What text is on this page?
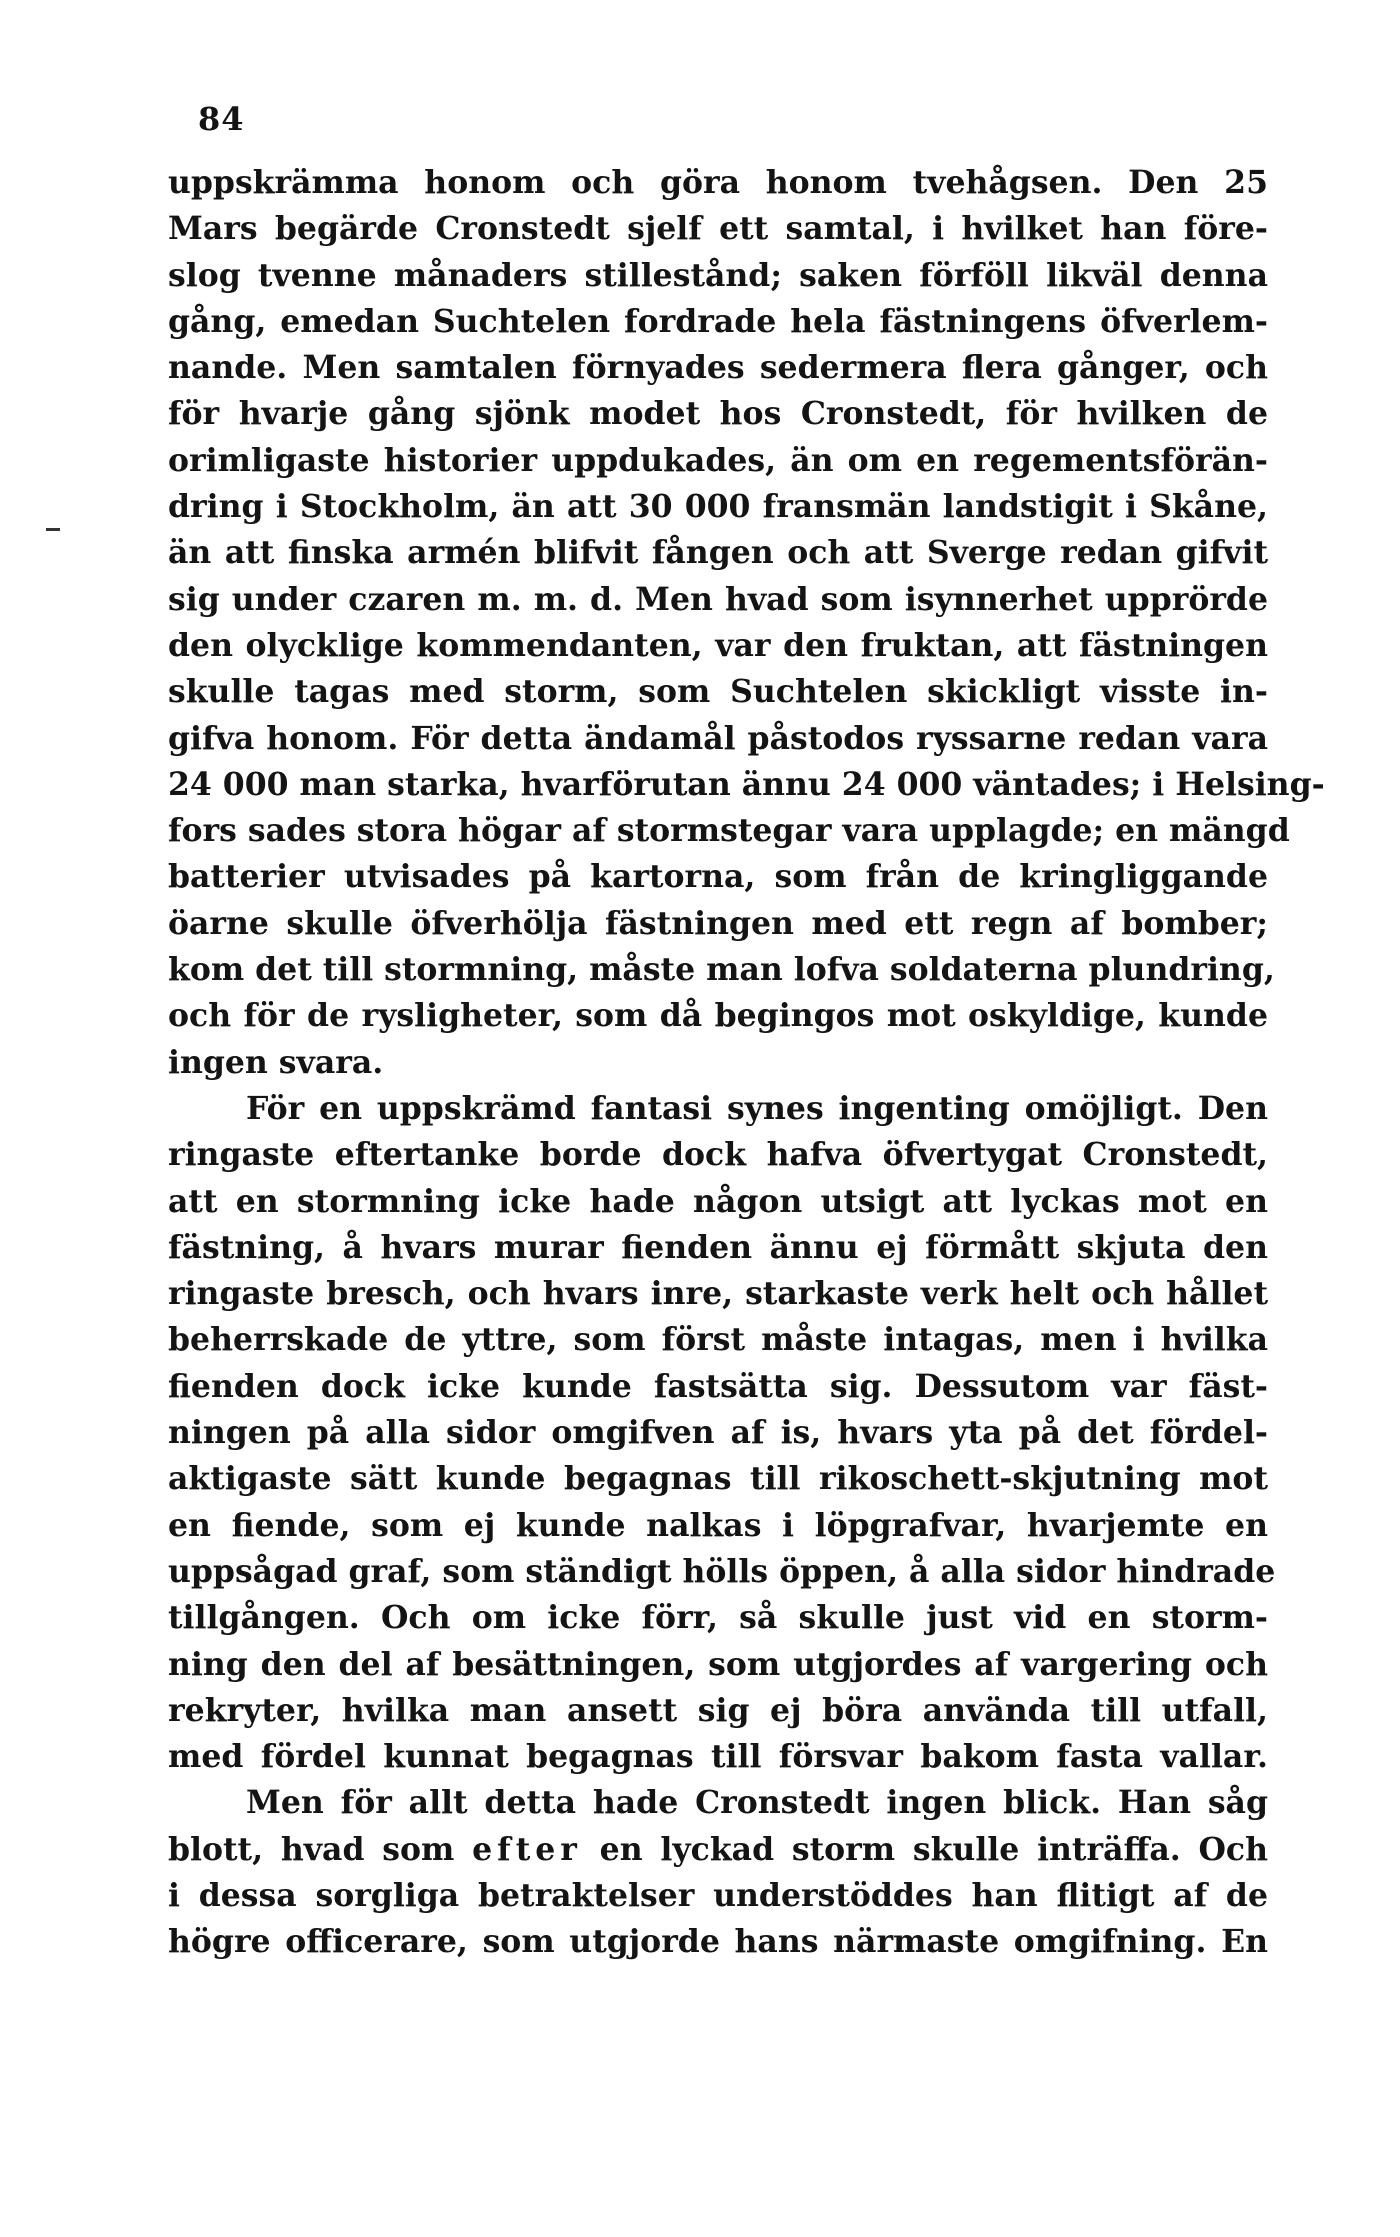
84
uppskrämma honom och göra honom tvehågsen. Den 25
Mars begärde Cronstedt sjelf ett samtal, i hvilket han före-
slog tvenne månaders stillestånd; saken förföll likväl denna
gång, emedan Suchtelen fordrade hela fästningens öfverlem-
nande. Men samtalen förnyades sedermera flera gånger, och
för hvarje gång sjönk modet hos Cronstedt, för hvilken de
orimligaste historier uppdukades, än om en regementsförän-
dring i Stockholm, än att 30 000 fransmän landstigit i Skåne,
än att finska armén blifvit fången och att Sverge redan gifvit
sig under czaren m. m. d. Men hvad som isynnerhet upprörde
den olycklige kommendanten, var den fruktan, att fästningen
skulle tagas med storm, som Suchtelen skickligt visste in-
gifva honom. För detta ändamål påstodos ryssarne redan vara
24 000 man starka, hvarförutan ännu 24 000 väntades; i Helsing-
fors sades stora högar af stormstegar vara upplagde; en mängd
batterier utvisades på kartorna, som från de kringliggande
öarne skulle öfverhölja fästningen med ett regn af bomber;
kom det till stormning, måste man lofva soldaterna plundring,
och för de rysligheter, som då begingos mot oskyldige, kunde
ingen svara.
För en uppskrämd fantasi synes ingenting omöjligt. Den
ringaste eftertanke borde dock hafva öfvertygat Cronstedt,
att en stormning icke hade någon utsigt att lyckas mot en
fästning, å hvars murar fienden ännu ej förmått skjuta den
ringaste bresch, och hvars inre, starkaste verk helt och hållet
beherrskade de yttre, som först måste intagas, men i hvilka
fienden dock icke kunde fastsätta sig. Dessutom var fäst-
ningen på alla sidor omgifven af is, hvars yta på det fördel-
aktigaste sätt kunde begagnas till rikoschett-skjutning mot
en fiende, som ej kunde nalkas i löpgrafvar, hvarjemte en
uppsågad graf, som ständigt hölls öppen, å alla sidor hindrade
tillgången. Och om icke förr, så skulle just vid en storm-
ning den del af besättningen, som utgjordes af vargering och
rekryter, hvilka man ansett sig ej böra använda till utfall,
med fördel kunnat begagnas till försvar bakom fasta vallar.
Men för allt detta hade Cronstedt ingen blick. Han såg
blott, hvad som efter en lyckad storm skulle inträffa. Och
i dessa sorgliga betraktelser understöddes han flitigt af de
högre officerare, som utgjorde hans närmaste omgifning. En
